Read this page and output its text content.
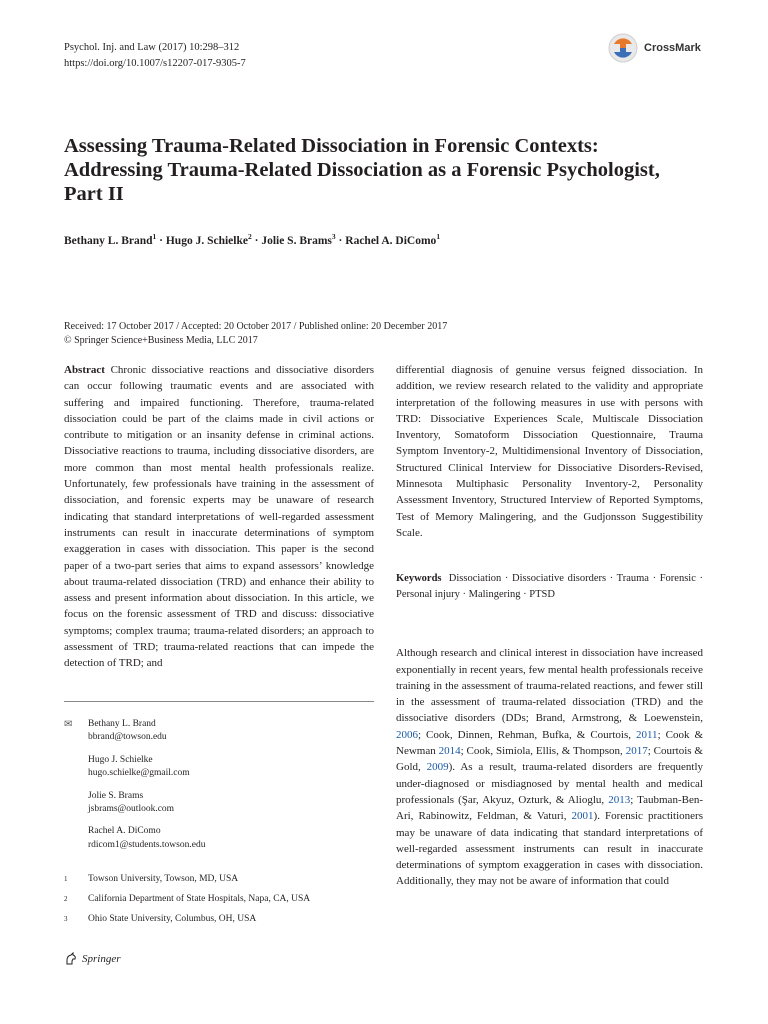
Psychol. Inj. and Law (2017) 10:298–312
https://doi.org/10.1007/s12207-017-9305-7
CrossMark
Assessing Trauma-Related Dissociation in Forensic Contexts: Addressing Trauma-Related Dissociation as a Forensic Psychologist, Part II
Bethany L. Brand$^1$ · Hugo J. Schielke$^2$ · Jolie S. Brams$^3$ · Rachel A. DiComo$^1$
Received: 17 October 2017 / Accepted: 20 October 2017 / Published online: 20 December 2017
© Springer Science+Business Media, LLC 2017

Abstract Chronic dissociative reactions and dissociative disorders can occur following traumatic events and are associated with suffering and impaired functioning. Therefore, trauma-related dissociation could be part of the claims made in civil actions or contribute to mitigation or an insanity defense in criminal actions. Dissociative reactions to trauma, including dissociative disorders, are more common than most mental health professionals realize. Unfortunately, few professionals have training in the assessment of dissociation, and forensic experts may be unaware of research indicating that standard interpretations of well-regarded assessment instruments can result in inaccurate determinations of symptom exaggeration in cases with dissociation. This paper is the second paper of a two-part series that aims to expand assessors’ knowledge about trauma-related dissociation (TRD) and enhance their ability to assess and present information about dissociation. In this article, we focus on the forensic assessment of TRD and discuss: dissociative symptoms; complex trauma; trauma-related disorders; an approach to assessment of TRD; trauma-related reactions that can impede the detection of TRD; and

✉ Bethany L. Brand
bbrand@towson.edu
Hugo J. Schielke
hugo.schielke@gmail.com
Jolie S. Brams
jsbrams@outlook.com
Rachel A. DiComo
rdicom1@students.towson.edu
1	Towson University, Towson, MD, USA
2	California Department of State Hospitals, Napa, CA, USA
3	Ohio State University, Columbus, OH, USA
Springer

differential diagnosis of genuine versus feigned dissociation. In addition, we review research related to the validity and appropriate interpretation of the following measures in use with persons with TRD: Dissociative Experiences Scale, Multiscale Dissociation Inventory, Somatoform Dissociation Questionnaire, Trauma Symptom Inventory-2, Multidimensional Inventory of Dissociation, Structured Clinical Interview for Dissociative Disorders-Revised, Minnesota Multiphasic Personality Inventory-2, Personality Assessment Inventory, Structured Interview of Reported Symptoms, Test of Memory Malingering, and the Gudjonsson Suggestibility Scale.

Keywords Dissociation · Dissociative disorders · Trauma · Forensic · Personal injury · Malingering · PTSD

Although research and clinical interest in dissociation have increased exponentially in recent years, few mental health professionals receive training in the assessment of trauma-related reactions, and fewer still in the assessment of trauma-related dissociation (TRD) and the dissociative disorders (DDs; Brand, Armstrong, & Loewenstein, 2006; Cook, Dinnen, Rehman, Bufka, & Courtois, 2011; Cook & Newman 2014; Cook, Simiola, Ellis, & Thompson, 2017; Courtois & Gold, 2009). As a result, trauma-related disorders are frequently under-diagnosed or misdiagnosed by mental health and medical professionals (Şar, Akyuz, Ozturk, & Alioglu, 2013; Taubman-Ben-Ari, Rabinowitz, Feldman, & Vaturi, 2001). Forensic practitioners may be unaware of data indicating that standard interpretations of well-regarded assessment instruments can result in inaccurate determinations of symptom exaggeration in cases with dissociation. Additionally, they may not be aware of information that could
